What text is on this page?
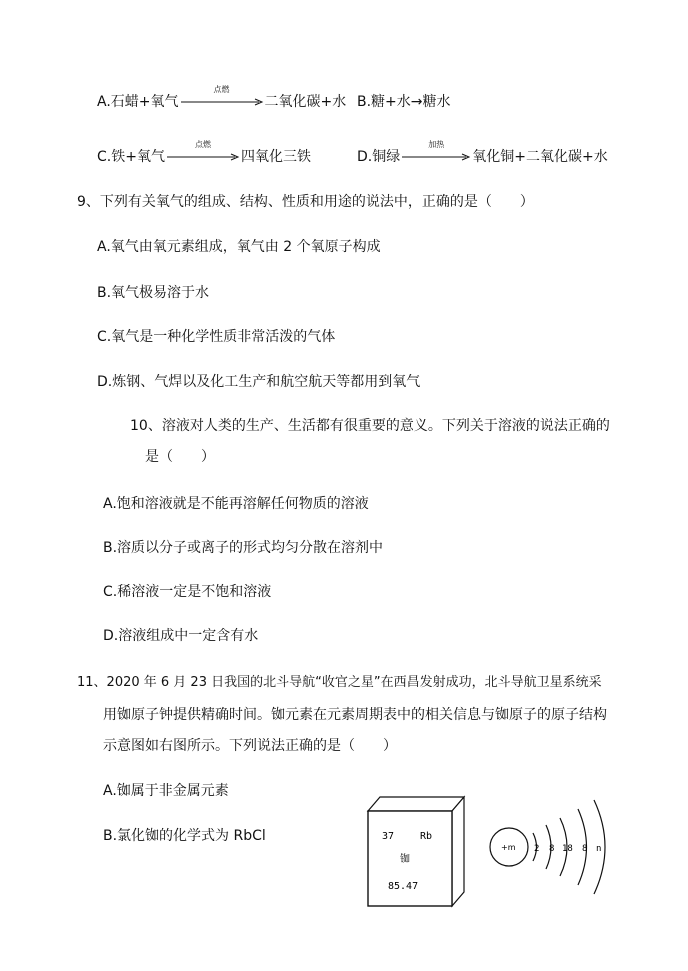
A.石蜡+氧气
点燃
二氧化碳+水 B.糖+水→糖水
C.铁+氧气
点燃
四氧化三铁	D.铜绿
加热
氧化铜+二氧化碳+水
9、下列有关氧气的组成、结构、性质和用途的说法中，正确的是（　　）
A.氧气由氧元素组成，氧气由 2 个氧原子构成
B.氧气极易溶于水
C.氧气是一种化学性质非常活泼的气体
D.炼钢、气焊以及化工生产和航空航天等都用到氧气
10、溶液对人类的生产、生活都有很重要的意义。下列关于溶液的说法正确的
是（　　）
A.饱和溶液就是不能再溶解任何物质的溶液
B.溶质以分子或离子的形式均匀分散在溶剂中
C.稀溶液一定是不饱和溶液
D.溶液组成中一定含有水
11、2020 年 6 月 23 日我国的北斗导航“收官之星”在西昌发射成功，北斗导航卫星系统采
用铷原子钟提供精确时间。铷元素在元素周期表中的相关信息与铷原子的原子结构
示意图如右图所示。下列说法正确的是（　　）
A.铷属于非金属元素
B.氯化铷的化学式为 RbCl	37	Rb
铷
85.47
+m 2 8 18 8 n
